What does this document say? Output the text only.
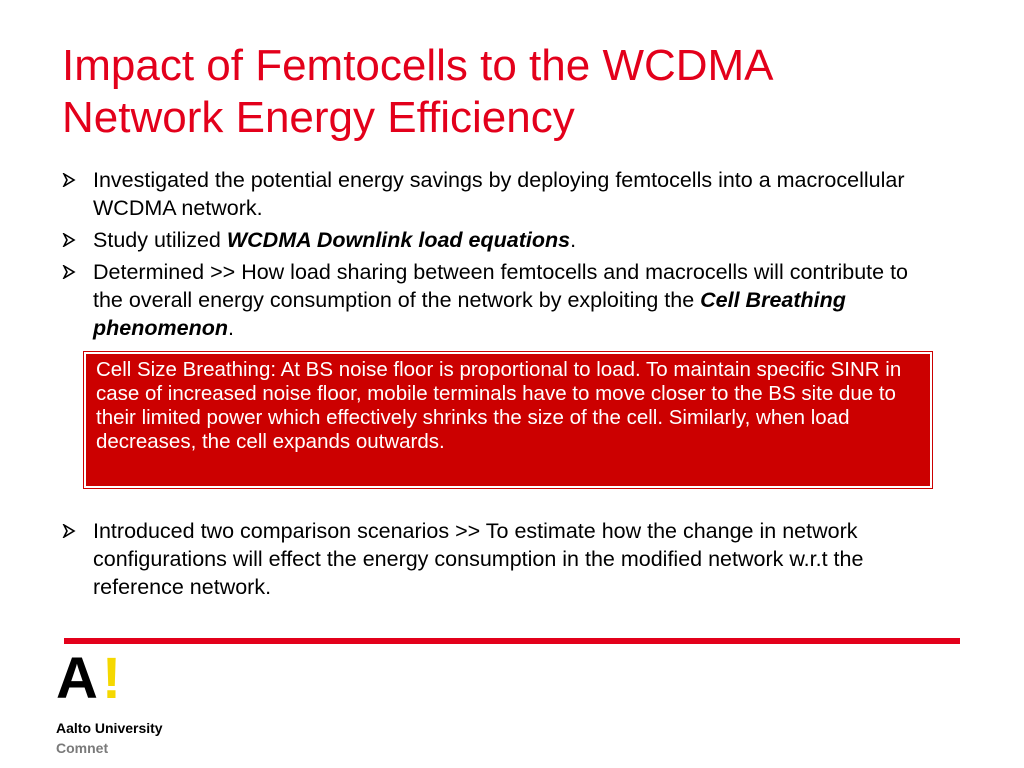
Impact of Femtocells to the WCDMA
Network Energy Efficiency
Investigated the potential energy savings by deploying femtocells into a macrocellular WCDMA network.
Study utilized WCDMA Downlink load equations.
Determined >> How load sharing between femtocells and macrocells will contribute to the overall energy consumption of the network by exploiting the Cell Breathing phenomenon.
Cell Size Breathing: At BS noise floor is proportional to load. To maintain specific SINR in case of increased noise floor, mobile terminals have to move closer to the BS site due to their limited power which effectively shrinks the size of the cell. Similarly, when load decreases, the cell expands outwards.
Introduced two comparison scenarios >> To estimate how the change in network configurations will effect the energy consumption in the modified network w.r.t the reference network.
A!
Aalto University
Comnet
